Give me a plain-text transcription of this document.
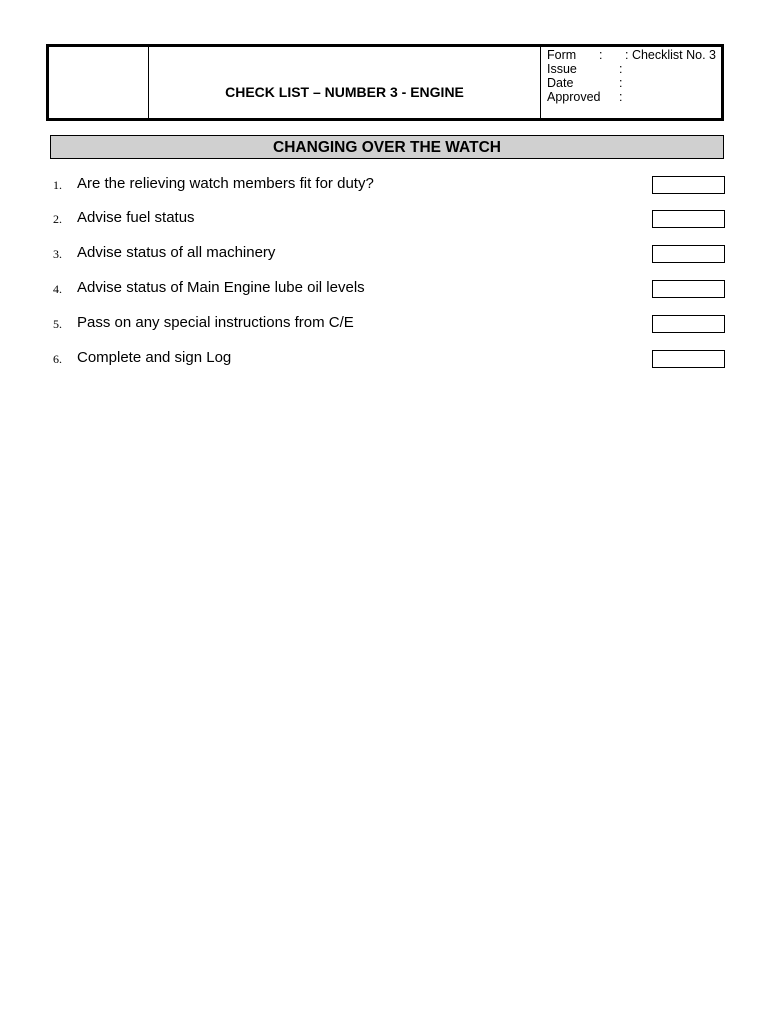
CHECK LIST – NUMBER 3 - ENGINE
Form : : Checklist No. 3
Issue	:
Date	:
Approved :
CHANGING OVER THE WATCH
1. Are the relieving watch members fit for duty?
2. Advise fuel status
3. Advise status of all machinery
4. Advise status of Main Engine lube oil levels
5. Pass on any special instructions from C/E
6. Complete and sign Log
